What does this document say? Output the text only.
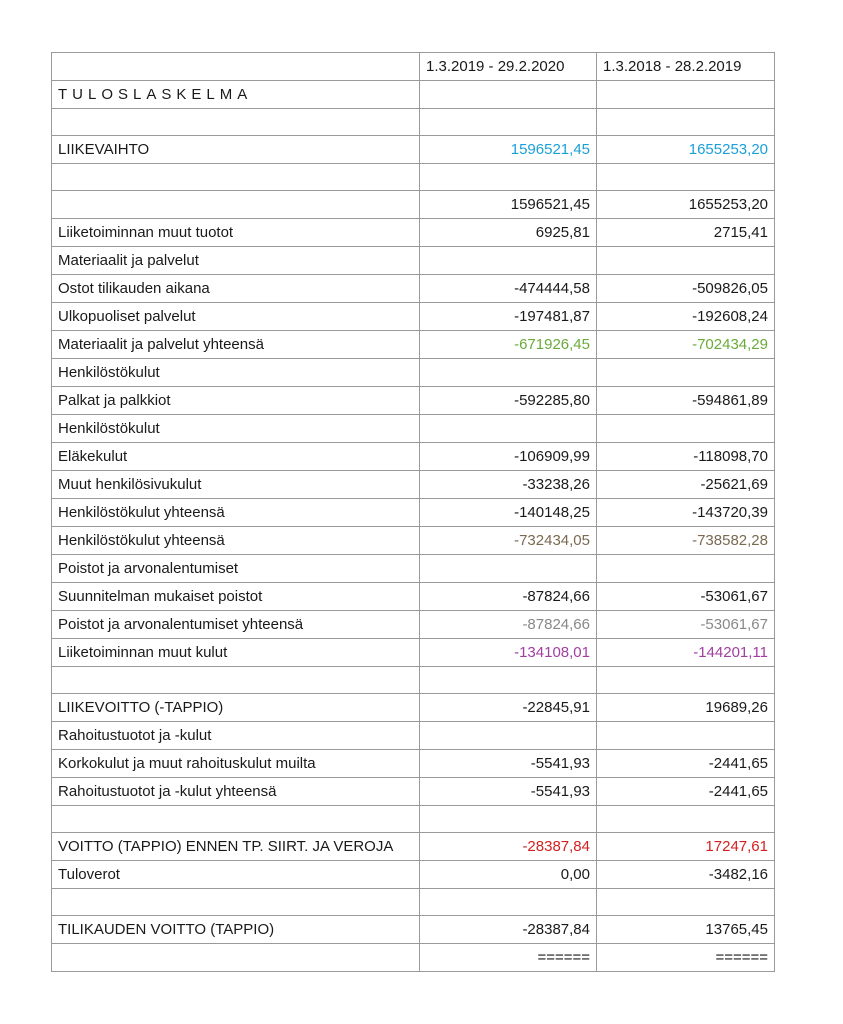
	1.3.2019 - 29.2.2020	1.3.2018 - 28.2.2019
TULOSLASKELMA		

LIIKEVAIHTO	1596521,45	1655253,20

	1596521,45	1655253,20
Liiketoiminnan muut tuotot	6925,81	2715,41
Materiaalit ja palvelut		
Ostot tilikauden aikana	-474444,58	-509826,05
Ulkopuoliset palvelut	-197481,87	-192608,24
Materiaalit ja palvelut yhteensä	-671926,45	-702434,29
Henkilöstökulut		
Palkat ja palkkiot	-592285,80	-594861,89
Henkilöstökulut		
Eläkekulut	-106909,99	-118098,70
Muut henkilösivukulut	-33238,26	-25621,69
Henkilöstökulut yhteensä	-140148,25	-143720,39
Henkilöstökulut yhteensä	-732434,05	-738582,28
Poistot ja arvonalentumiset		
Suunnitelman mukaiset poistot	-87824,66	-53061,67
Poistot ja arvonalentumiset yhteensä	-87824,66	-53061,67
Liiketoiminnan muut kulut	-134108,01	-144201,11

LIIKEVOITTO (-TAPPIO)	-22845,91	19689,26
Rahoitustuotot ja -kulut		
Korkokulut ja muut rahoituskulut muilta	-5541,93	-2441,65
Rahoitustuotot ja -kulut yhteensä	-5541,93	-2441,65

VOITTO (TAPPIO) ENNEN TP. SIIRT. JA VEROJA	-28387,84	17247,61
Tuloverot	0,00	-3482,16

TILIKAUDEN VOITTO (TAPPIO)	-28387,84	13765,45
	======	======
